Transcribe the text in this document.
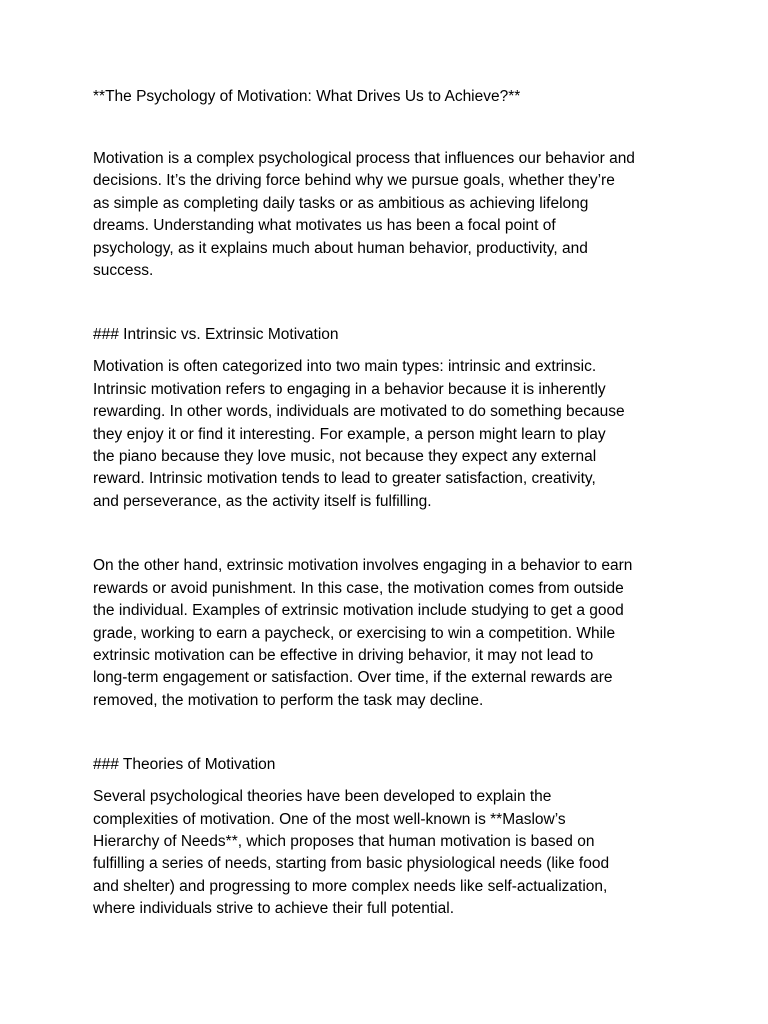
**The Psychology of Motivation: What Drives Us to Achieve?**

Motivation is a complex psychological process that influences our behavior and
decisions. It’s the driving force behind why we pursue goals, whether they’re
as simple as completing daily tasks or as ambitious as achieving lifelong
dreams. Understanding what motivates us has been a focal point of
psychology, as it explains much about human behavior, productivity, and
success.

### Intrinsic vs. Extrinsic Motivation

Motivation is often categorized into two main types: intrinsic and extrinsic.
Intrinsic motivation refers to engaging in a behavior because it is inherently
rewarding. In other words, individuals are motivated to do something because
they enjoy it or find it interesting. For example, a person might learn to play
the piano because they love music, not because they expect any external
reward. Intrinsic motivation tends to lead to greater satisfaction, creativity,
and perseverance, as the activity itself is fulfilling.

On the other hand, extrinsic motivation involves engaging in a behavior to earn
rewards or avoid punishment. In this case, the motivation comes from outside
the individual. Examples of extrinsic motivation include studying to get a good
grade, working to earn a paycheck, or exercising to win a competition. While
extrinsic motivation can be effective in driving behavior, it may not lead to
long-term engagement or satisfaction. Over time, if the external rewards are
removed, the motivation to perform the task may decline.

### Theories of Motivation

Several psychological theories have been developed to explain the
complexities of motivation. One of the most well-known is **Maslow’s
Hierarchy of Needs**, which proposes that human motivation is based on
fulfilling a series of needs, starting from basic physiological needs (like food
and shelter) and progressing to more complex needs like self-actualization,
where individuals strive to achieve their full potential.
